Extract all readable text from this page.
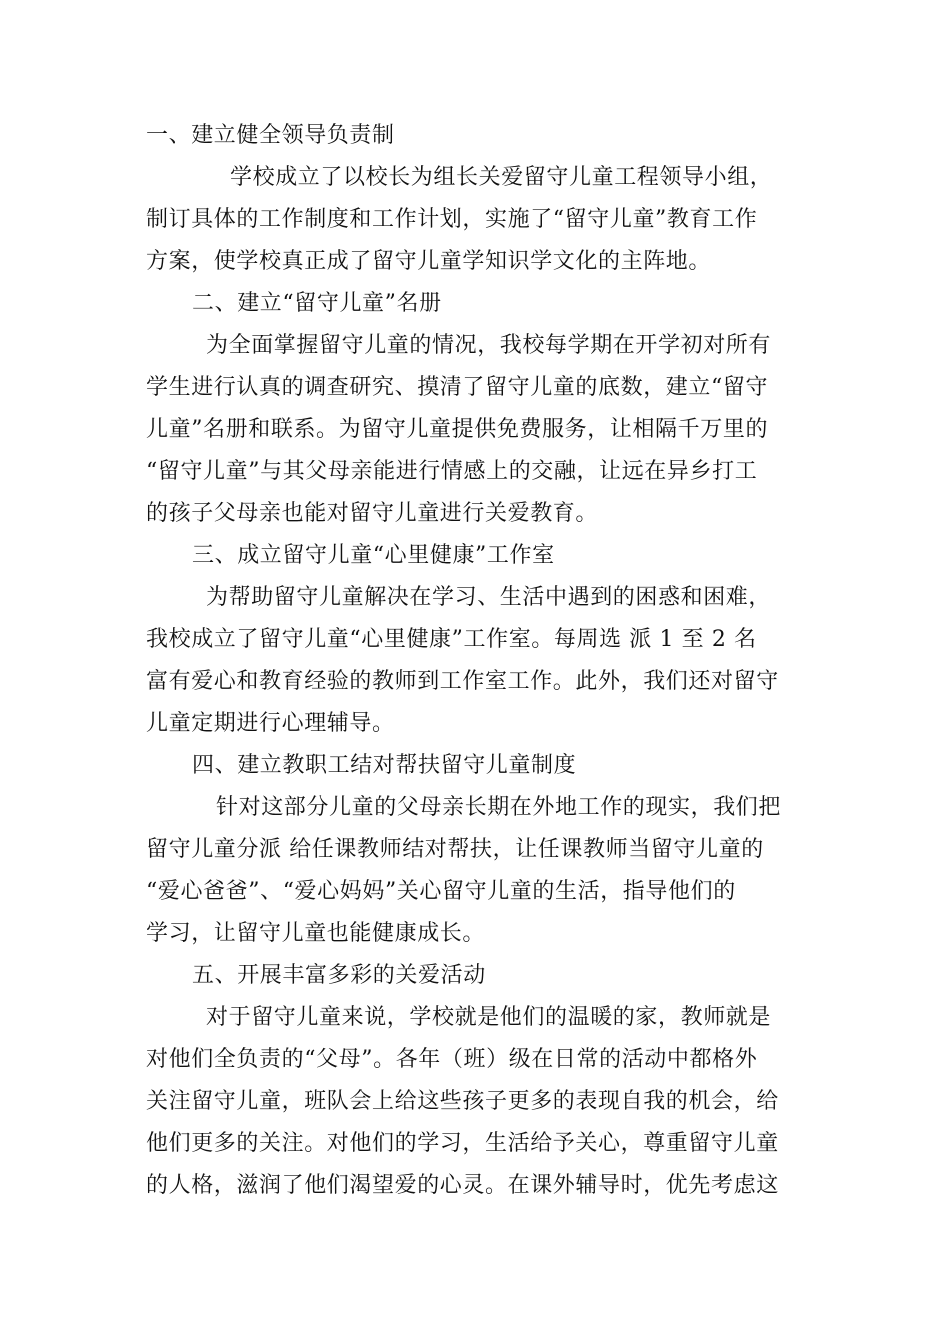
一、建立健全领导负责制
学校成立了以校长为组长关爱留守儿童工程领导小组，
制订具体的工作制度和工作计划，实施了“留守儿童”教育工作
方案，使学校真正成了留守儿童学知识学文化的主阵地。
二、建立“留守儿童”名册
为全面掌握留守儿童的情况，我校每学期在开学初对所有
学生进行认真的调查研究、摸清了留守儿童的底数，建立“留守
儿童”名册和联系。为留守儿童提供免费服务，让相隔千万里的
“留守儿童”与其父母亲能进行情感上的交融，让远在异乡打工
的孩子父母亲也能对留守儿童进行关爱教育。
三、成立留守儿童“心里健康”工作室
为帮助留守儿童解决在学习、生活中遇到的困惑和困难，
我校成立了留守儿童“心里健康”工作室。每周选 派 1 至 2 名
富有爱心和教育经验的教师到工作室工作。此外，我们还对留守
儿童定期进行心理辅导。
四、建立教职工结对帮扶留守儿童制度
针对这部分儿童的父母亲长期在外地工作的现实，我们把
留守儿童分派 给任课教师结对帮扶，让任课教师当留守儿童的
“爱心爸爸”、“爱心妈妈”关心留守儿童的生活，指导他们的
学习，让留守儿童也能健康成长。
五、开展丰富多彩的关爱活动
对于留守儿童来说，学校就是他们的温暖的家，教师就是
对他们全负责的“父母”。各年（班）级在日常的活动中都格外
关注留守儿童，班队会上给这些孩子更多的表现自我的机会，给
他们更多的关注。对他们的学习，生活给予关心，尊重留守儿童
的人格，滋润了他们渴望爱的心灵。在课外辅导时，优先考虑这
